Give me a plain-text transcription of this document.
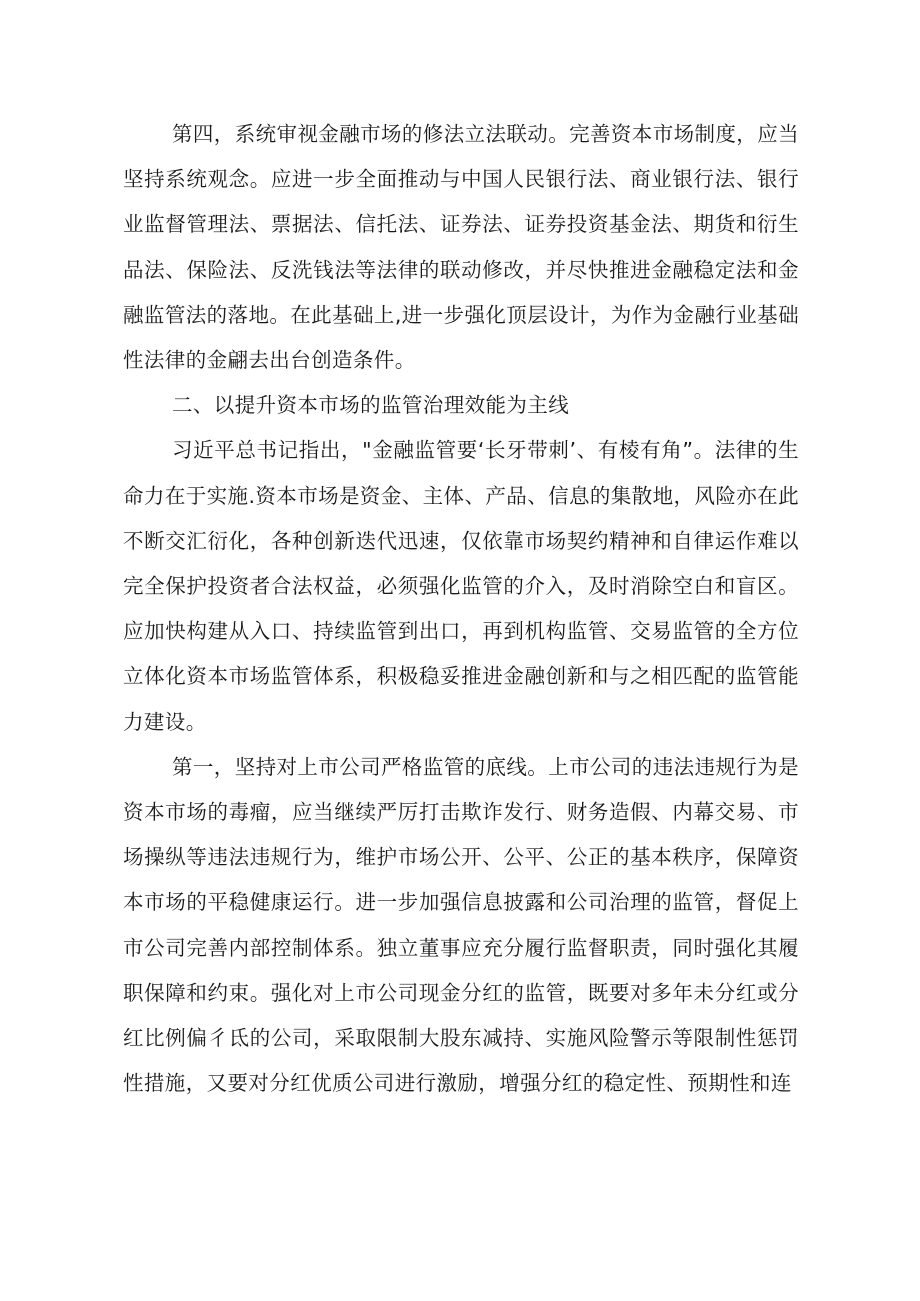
第四，系统审视金融市场的修法立法联动。完善资本市场制度，应当坚持系统观念。应进一步全面推动与中国人民银行法、商业银行法、银行业监督管理法、票据法、信托法、证券法、证券投资基金法、期货和衍生品法、保险法、反洗钱法等法律的联动修改，并尽快推进金融稳定法和金融监管法的落地。在此基础上,进一步强化顶层设计，为作为金融行业基础性法律的金翩去出台创造条件。

二、以提升资本市场的监管治理效能为主线

习近平总书记指出，"金融监管要‘长牙带刺’、有棱有角”。法律的生命力在于实施.资本市场是资金、主体、产品、信息的集散地，风险亦在此不断交汇衍化，各种创新迭代迅速，仅依靠市场契约精神和自律运作难以完全保护投资者合法权益，必须强化监管的介入，及时消除空白和盲区。应加快构建从入口、持续监管到出口，再到机构监管、交易监管的全方位立体化资本市场监管体系，积极稳妥推进金融创新和与之相匹配的监管能力建设。

第一，坚持对上市公司严格监管的底线。上市公司的违法违规行为是资本市场的毒瘤，应当继续严厉打击欺诈发行、财务造假、内幕交易、市场操纵等违法违规行为，维护市场公开、公平、公正的基本秩序，保障资本市场的平稳健康运行。进一步加强信息披露和公司治理的监管，督促上市公司完善内部控制体系。独立董事应充分履行监督职责，同时强化其履职保障和约束。强化对上市公司现金分红的监管，既要对多年未分红或分红比例偏彳氐的公司，采取限制大股东减持、实施风险警示等限制性惩罚性措施，又要对分红优质公司进行激励，增强分红的稳定性、预期性和连
